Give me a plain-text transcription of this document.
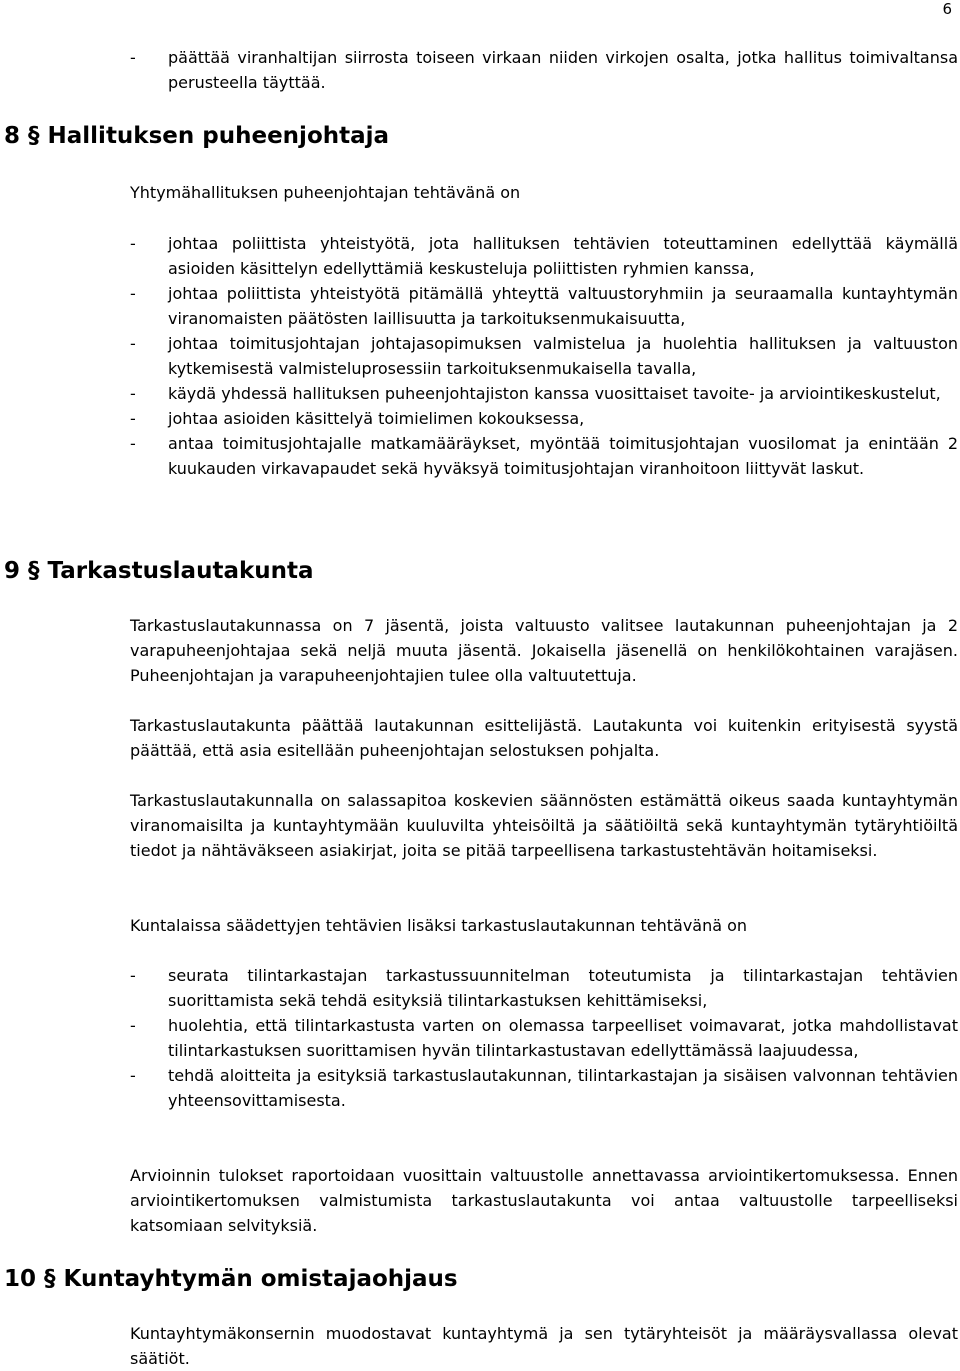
6
- päättää viranhaltijan siirrosta toiseen virkaan niiden virkojen osalta, jotka hallitus toimivaltansa perusteella täyttää.
8 § Hallituksen puheenjohtaja

Yhtymähallituksen puheenjohtajan tehtävänä on

- johtaa poliittista yhteistyötä, jota hallituksen tehtävien toteuttaminen edellyttää käymällä asioiden käsittelyn edellyttämiä keskusteluja poliittisten ryhmien kanssa,
- johtaa poliittista yhteistyötä pitämällä yhteyttä valtuustoryhmiin ja seuraamalla kuntayhtymän viranomaisten päätösten laillisuutta ja tarkoituksenmukaisuutta,
- johtaa toimitusjohtajan johtajasopimuksen valmistelua ja huolehtia hallituksen ja valtuuston kytkemisestä valmisteluprosessiin tarkoituksenmukaisella tavalla,
- käydä yhdessä hallituksen puheenjohtajiston kanssa vuosittaiset tavoite- ja arviointikeskustelut,
- johtaa asioiden käsittelyä toimielimen kokouksessa,
- antaa toimitusjohtajalle matkamääräykset, myöntää toimitusjohtajan vuosilomat ja enintään 2 kuukauden virkavapaudet sekä hyväksyä toimitusjohtajan viranhoitoon liittyvät laskut.
9 § Tarkastuslautakunta

Tarkastuslautakunnassa on 7 jäsentä, joista valtuusto valitsee lautakunnan puheenjohtajan ja 2 varapuheenjohtajaa sekä neljä muuta jäsentä. Jokaisella jäsenellä on henkilökohtainen varajäsen. Puheenjohtajan ja varapuheenjohtajien tulee olla valtuutettuja.

Tarkastuslautakunta päättää lautakunnan esittelijästä. Lautakunta voi kuitenkin erityisestä syystä päättää, että asia esitellään puheenjohtajan selostuksen pohjalta.

Tarkastuslautakunnalla on salassapitoa koskevien säännösten estämättä oikeus saada kuntayhtymän viranomaisilta ja kuntayhtymään kuuluvilta yhteisöiltä ja säätiöiltä sekä kuntayhtymän tytäryhtiöiltä tiedot ja nähtäväkseen asiakirjat, joita se pitää tarpeellisena tarkastustehtävän hoitamiseksi.

Kuntalaissa säädettyjen tehtävien lisäksi tarkastuslautakunnan tehtävänä on

- seurata tilintarkastajan tarkastussuunnitelman toteutumista ja tilintarkastajan tehtävien suorittamista sekä tehdä esityksiä tilintarkastuksen kehittämiseksi,
- huolehtia, että tilintarkastusta varten on olemassa tarpeelliset voimavarat, jotka mahdollistavat tilintarkastuksen suorittamisen hyvän tilintarkastustavan edellyttämässä laajuudessa,
- tehdä aloitteita ja esityksiä tarkastuslautakunnan, tilintarkastajan ja sisäisen valvonnan tehtävien yhteensovittamisesta.

Arvioinnin tulokset raportoidaan vuosittain valtuustolle annettavassa arviointikertomuksessa. Ennen arviointikertomuksen valmistumista tarkastuslautakunta voi antaa valtuustolle tarpeelliseksi katsomiaan selvityksiä.

10 § Kuntayhtymän omistajaohjaus

Kuntayhtymäkonsernin muodostavat kuntayhtymä ja sen tytäryhteisöt ja määräysvallassa olevat säätiöt.
